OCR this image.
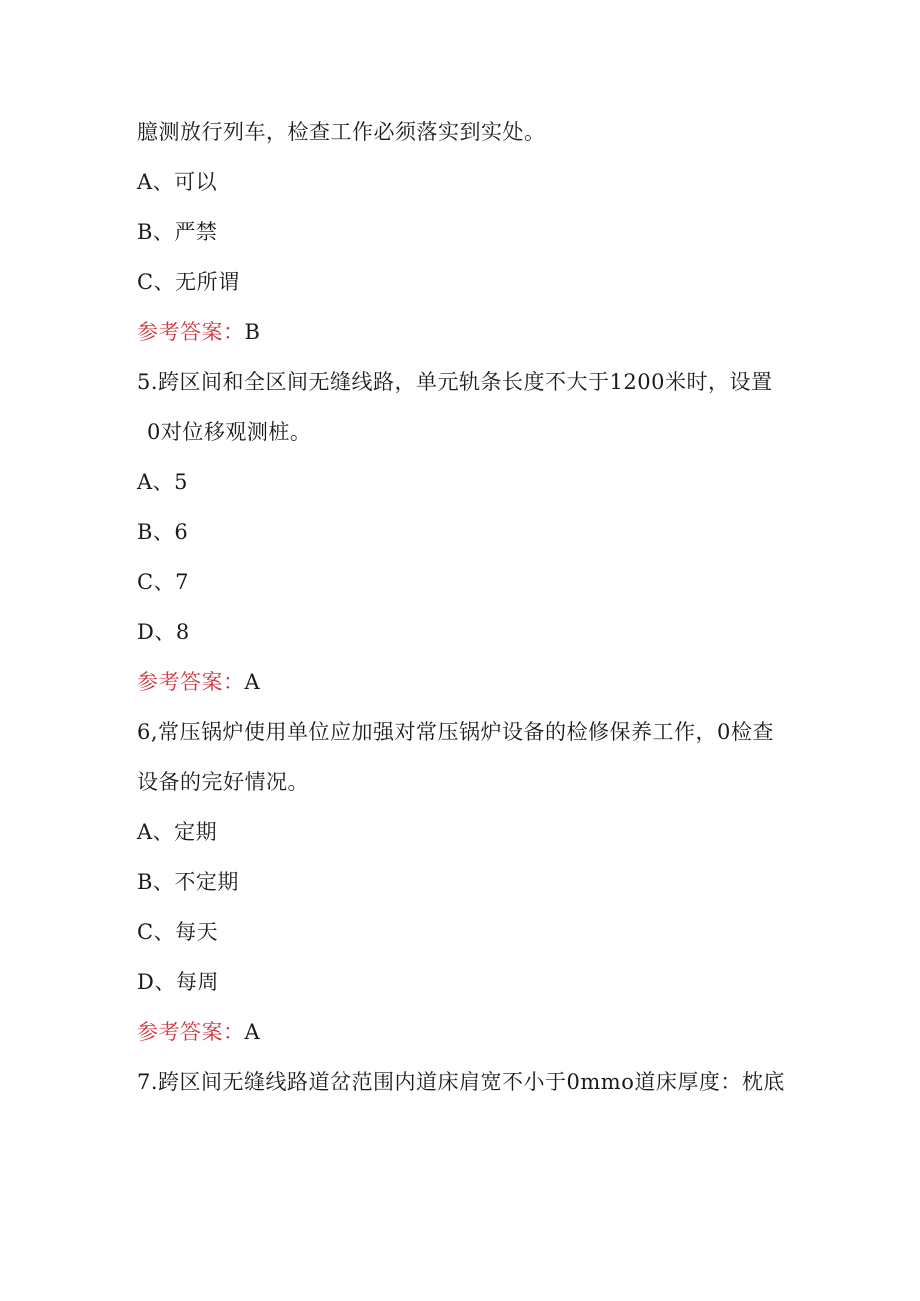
臆测放行列车，检查工作必须落实到实处。
A、可以
B、严禁
C、无所谓
参考答案：B
5.跨区间和全区间无缝线路，单元轨条长度不大于1200米时，设置
0对位移观测桩。
A、5
B、6
C、7
D、8
参考答案：A
6,常压锅炉使用单位应加强对常压锅炉设备的检修保养工作，0检查
设备的完好情况。
A、定期
B、不定期
C、每天
D、每周
参考答案：A
7.跨区间无缝线路道岔范围内道床肩宽不小于0mmo道床厚度：枕底
